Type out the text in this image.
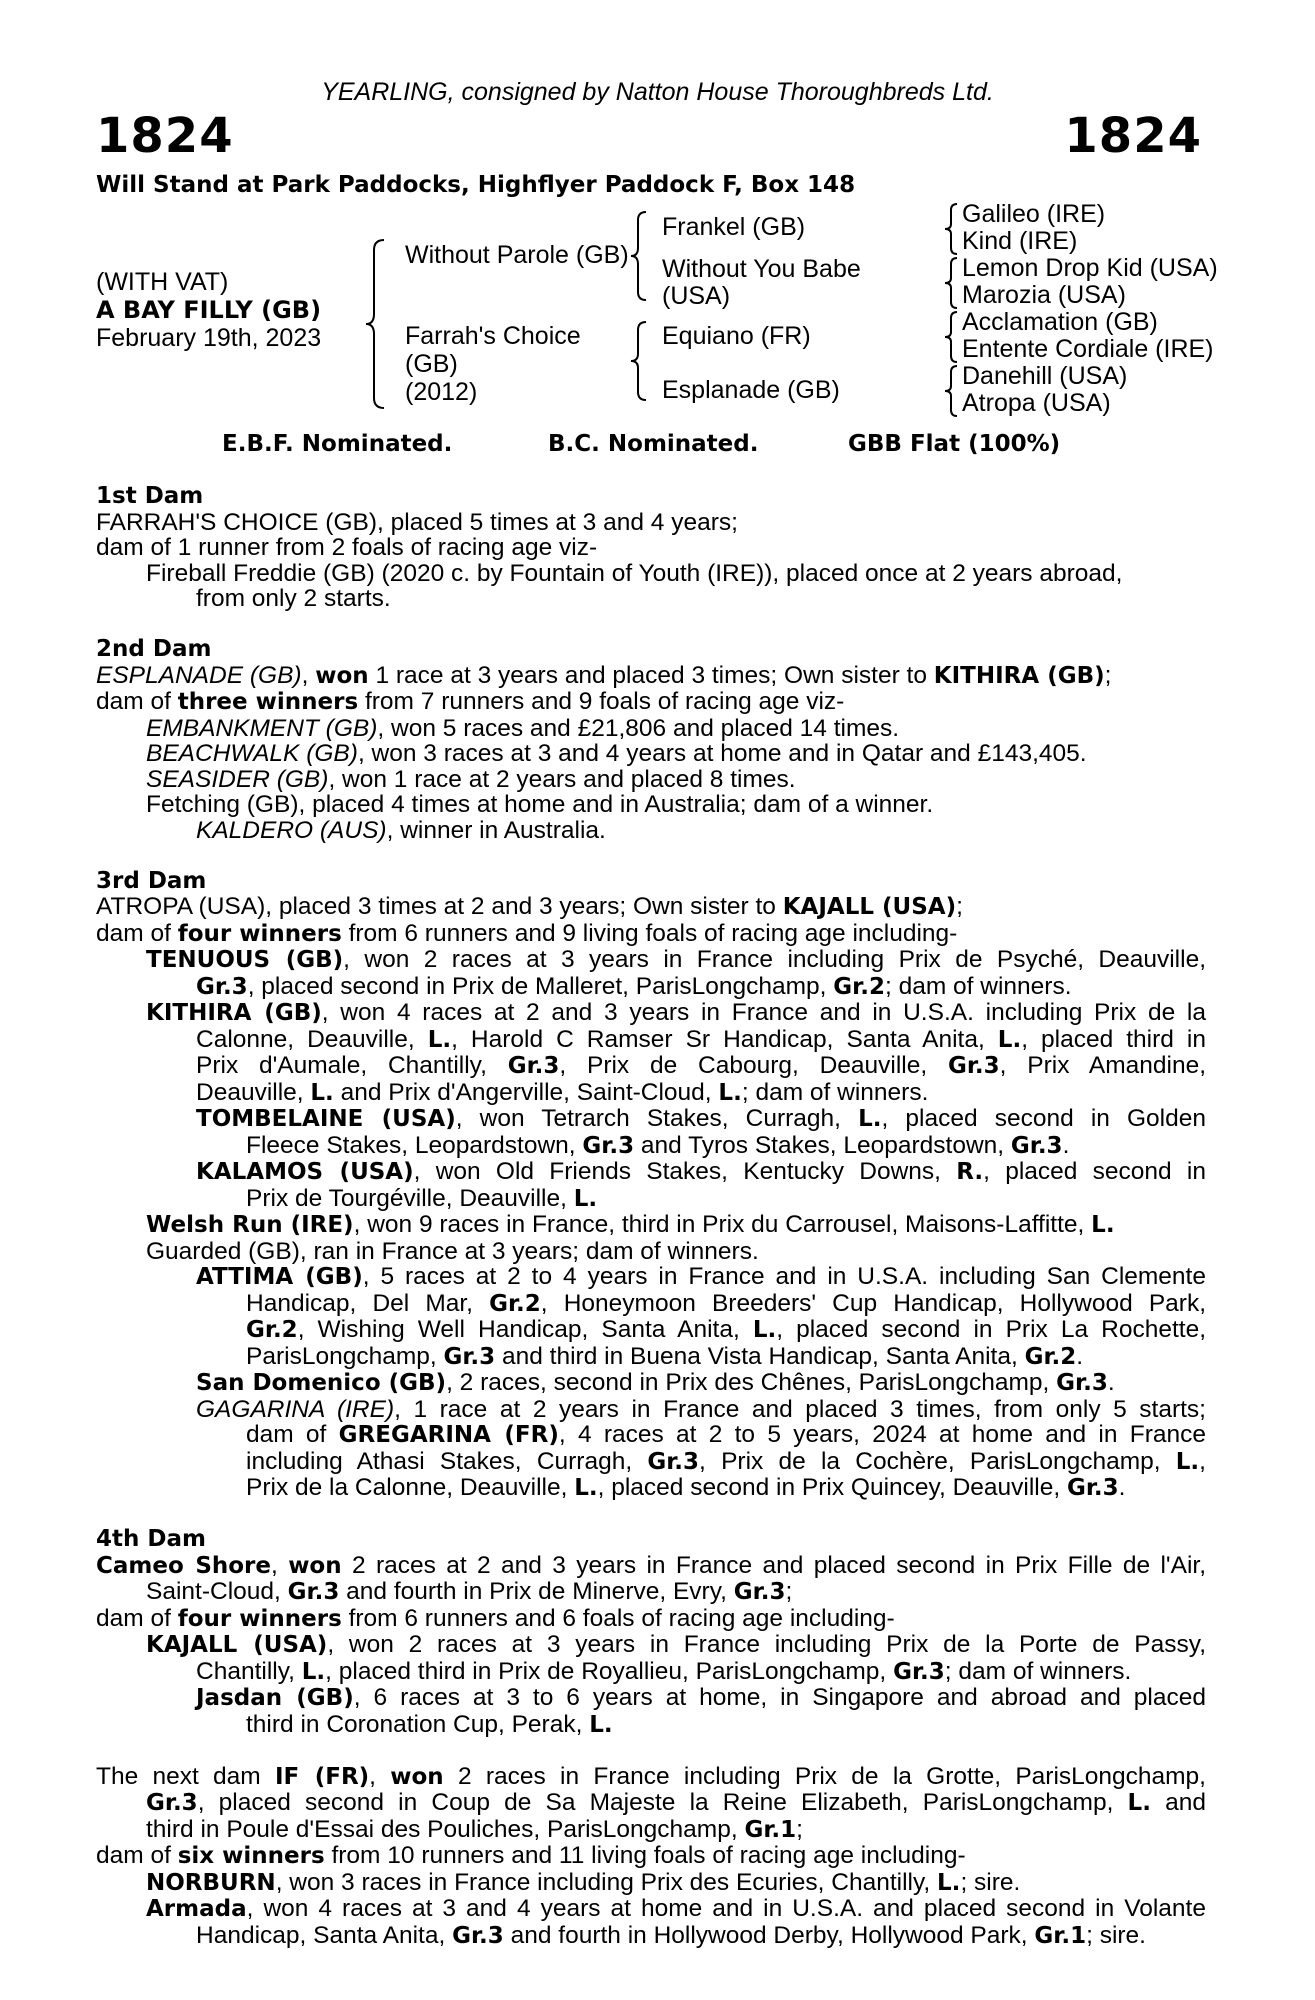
YEARLING, consigned by Natton House Thoroughbreds Ltd.
1824	1824
Will Stand at Park Paddocks, Highflyer Paddock F, Box 148
(WITH VAT)
A BAY FILLY (GB)
February 19th, 2023
Without Parole (GB)
Farrah's Choice
(GB)
(2012)
Frankel (GB)
Without You Babe
(USA)
Equiano (FR)
Esplanade (GB)
Galileo (IRE)
Kind (IRE)
Lemon Drop Kid (USA)
Marozia (USA)
Acclamation (GB)
Entente Cordiale (IRE)
Danehill (USA)
Atropa (USA)
E.B.F. Nominated.	B.C. Nominated.	GBB Flat (100%)
1st Dam
FARRAH'S CHOICE (GB), placed 5 times at 3 and 4 years;
dam of 1 runner from 2 foals of racing age viz-
Fireball Freddie (GB) (2020 c. by Fountain of Youth (IRE)), placed once at 2 years abroad,
from only 2 starts.
2nd Dam
ESPLANADE (GB), won 1 race at 3 years and placed 3 times; Own sister to KITHIRA (GB);
dam of three winners from 7 runners and 9 foals of racing age viz-
EMBANKMENT (GB), won 5 races and £21,806 and placed 14 times.
BEACHWALK (GB), won 3 races at 3 and 4 years at home and in Qatar and £143,405.
SEASIDER (GB), won 1 race at 2 years and placed 8 times.
Fetching (GB), placed 4 times at home and in Australia; dam of a winner.
KALDERO (AUS), winner in Australia.
3rd Dam
ATROPA (USA), placed 3 times at 2 and 3 years; Own sister to KAJALL (USA);
dam of four winners from 6 runners and 9 living foals of racing age including-
TENUOUS (GB), won 2 races at 3 years in France including Prix de Psyché, Deauville,
Gr.3, placed second in Prix de Malleret, ParisLongchamp, Gr.2; dam of winners.
KITHIRA (GB), won 4 races at 2 and 3 years in France and in U.S.A. including Prix de la
Calonne, Deauville, L., Harold C Ramser Sr Handicap, Santa Anita, L., placed third in
Prix d'Aumale, Chantilly, Gr.3, Prix de Cabourg, Deauville, Gr.3, Prix Amandine,
Deauville, L. and Prix d'Angerville, Saint-Cloud, L.; dam of winners.
TOMBELAINE (USA), won Tetrarch Stakes, Curragh, L., placed second in Golden
Fleece Stakes, Leopardstown, Gr.3 and Tyros Stakes, Leopardstown, Gr.3.
KALAMOS (USA), won Old Friends Stakes, Kentucky Downs, R., placed second in
Prix de Tourgéville, Deauville, L.
Welsh Run (IRE), won 9 races in France, third in Prix du Carrousel, Maisons-Laffitte, L.
Guarded (GB), ran in France at 3 years; dam of winners.
ATTIMA (GB), 5 races at 2 to 4 years in France and in U.S.A. including San Clemente
Handicap, Del Mar, Gr.2, Honeymoon Breeders' Cup Handicap, Hollywood Park,
Gr.2, Wishing Well Handicap, Santa Anita, L., placed second in Prix La Rochette,
ParisLongchamp, Gr.3 and third in Buena Vista Handicap, Santa Anita, Gr.2.
San Domenico (GB), 2 races, second in Prix des Chênes, ParisLongchamp, Gr.3.
GAGARINA (IRE), 1 race at 2 years in France and placed 3 times, from only 5 starts;
dam of GREGARINA (FR), 4 races at 2 to 5 years, 2024 at home and in France
including Athasi Stakes, Curragh, Gr.3, Prix de la Cochère, ParisLongchamp, L.,
Prix de la Calonne, Deauville, L., placed second in Prix Quincey, Deauville, Gr.3.
4th Dam
Cameo Shore, won 2 races at 2 and 3 years in France and placed second in Prix Fille de l'Air,
Saint-Cloud, Gr.3 and fourth in Prix de Minerve, Evry, Gr.3;
dam of four winners from 6 runners and 6 foals of racing age including-
KAJALL (USA), won 2 races at 3 years in France including Prix de la Porte de Passy,
Chantilly, L., placed third in Prix de Royallieu, ParisLongchamp, Gr.3; dam of winners.
Jasdan (GB), 6 races at 3 to 6 years at home, in Singapore and abroad and placed
third in Coronation Cup, Perak, L.
The next dam IF (FR), won 2 races in France including Prix de la Grotte, ParisLongchamp,
Gr.3, placed second in Coup de Sa Majeste la Reine Elizabeth, ParisLongchamp, L. and
third in Poule d'Essai des Pouliches, ParisLongchamp, Gr.1;
dam of six winners from 10 runners and 11 living foals of racing age including-
NORBURN, won 3 races in France including Prix des Ecuries, Chantilly, L.; sire.
Armada, won 4 races at 3 and 4 years at home and in U.S.A. and placed second in Volante
Handicap, Santa Anita, Gr.3 and fourth in Hollywood Derby, Hollywood Park, Gr.1; sire.
